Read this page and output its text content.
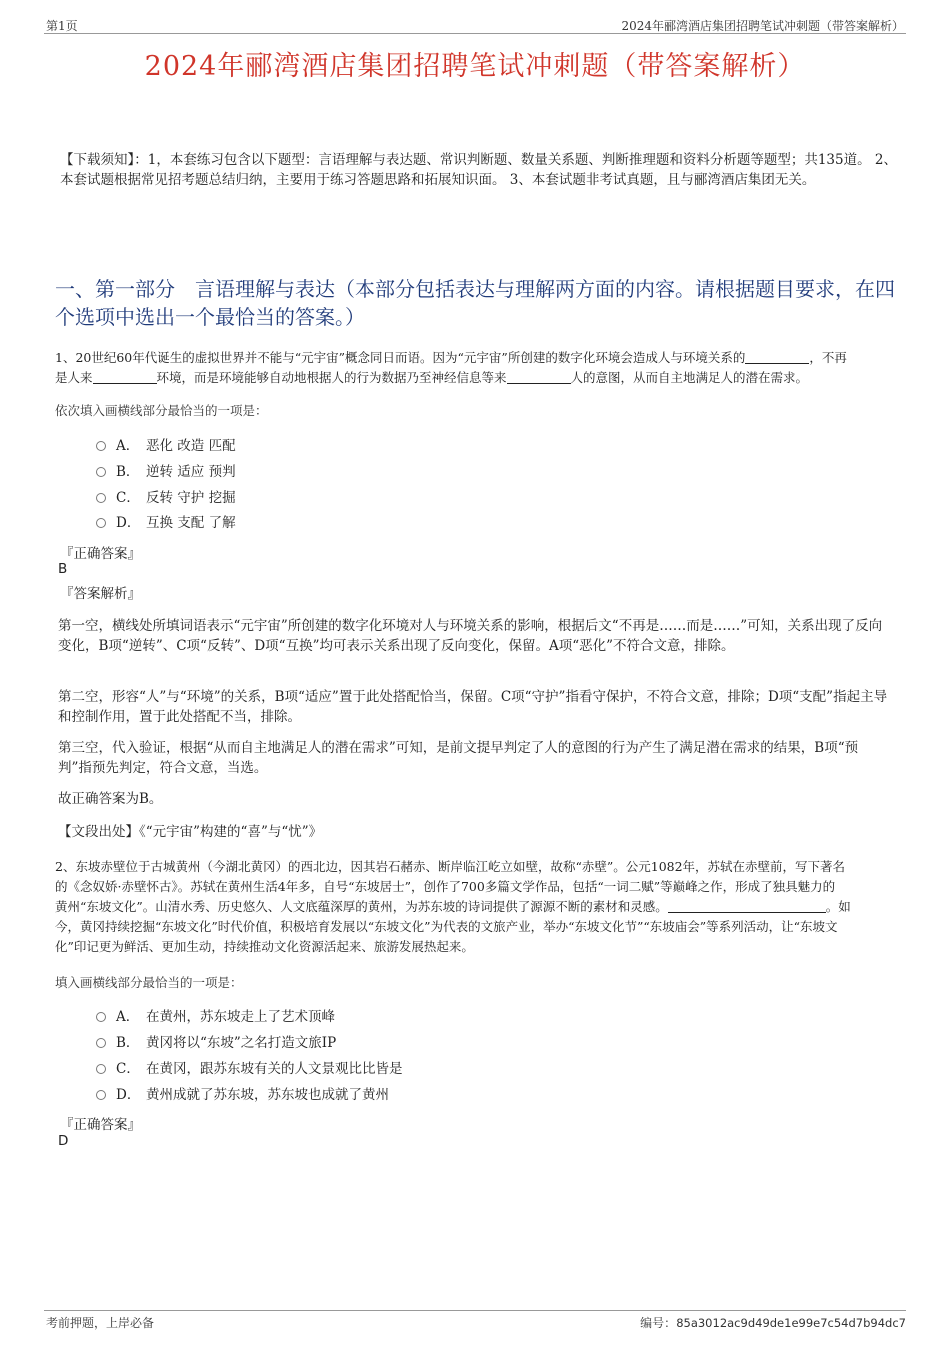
第1页	2024年郦湾酒店集团招聘笔试冲刺题（带答案解析）
2024年郦湾酒店集团招聘笔试冲刺题（带答案解析）
【下载须知】：1，本套练习包含以下题型：言语理解与表达题、常识判断题、数量关系题、判断推理题和资料分析题等题型；共135道。 2、本套试题根据常见招考题总结归纳，主要用于练习答题思路和拓展知识面。 3、本套试题非考试真题，且与郦湾酒店集团无关。
一、第一部分　言语理解与表达（本部分包括表达与理解两方面的内容。请根据题目要求，在四个选项中选出一个最恰当的答案。）
1、20世纪60年代诞生的虚拟世界并不能与“元宇宙”概念同日而语。因为“元宇宙”所创建的数字化环境会造成人与环境关系的	，不再
是人来	环境，而是环境能够自动地根据人的行为数据乃至神经信息等来	人的意图，从而自主地满足人的潜在需求。
依次填入画横线部分最恰当的一项是：
A． 恶化 改造 匹配
B． 逆转 适应 预判
C． 反转 守护 挖掘
D． 互换 支配 了解
『正确答案』
B
『答案解析』
第一空，横线处所填词语表示“元宇宙”所创建的数字化环境对人与环境关系的影响，根据后文“不再是……而是……”可知，关系出现了反向变化，B项“逆转”、C项“反转”、D项“互换”均可表示关系出现了反向变化，保留。A项“恶化”不符合文意，排除。
第二空，形容“人”与“环境”的关系，B项“适应”置于此处搭配恰当，保留。C项“守护”指看守保护，不符合文意，排除；D项“支配”指起主导和控制作用，置于此处搭配不当，排除。
第三空，代入验证，根据“从而自主地满足人的潜在需求”可知，是前文提早判定了人的意图的行为产生了满足潜在需求的结果，B项“预判”指预先判定，符合文意，当选。
故正确答案为B。
【文段出处】《“元宇宙”构建的“喜”与“忧”》
2、东坡赤壁位于古城黄州（今湖北黄冈）的西北边，因其岩石赭赤、断岸临江屹立如壁，故称“赤壁”。公元1082年，苏轼在赤壁前，写下著名
的《念奴娇·赤壁怀古》。苏轼在黄州生活4年多，自号“东坡居士”，创作了700多篇文学作品，包括“一词二赋”等巅峰之作，形成了独具魅力的
黄州“东坡文化”。山清水秀、历史悠久、人文底蕴深厚的黄州，为苏东坡的诗词提供了源源不断的素材和灵感。	。如
今，黄冈持续挖掘“东坡文化”时代价值，积极培育发展以“东坡文化”为代表的文旅产业，举办“东坡文化节”“东坡庙会”等系列活动，让“东坡文
化”印记更为鲜活、更加生动，持续推动文化资源活起来、旅游发展热起来。
填入画横线部分最恰当的一项是：
A． 在黄州，苏东坡走上了艺术顶峰
B． 黄冈将以“东坡”之名打造文旅IP
C． 在黄冈，跟苏东坡有关的人文景观比比皆是
D． 黄州成就了苏东坡，苏东坡也成就了黄州
『正确答案』
D
考前押题，上岸必备	编号：85a3012ac9d49de1e99e7c54d7b94dc7
